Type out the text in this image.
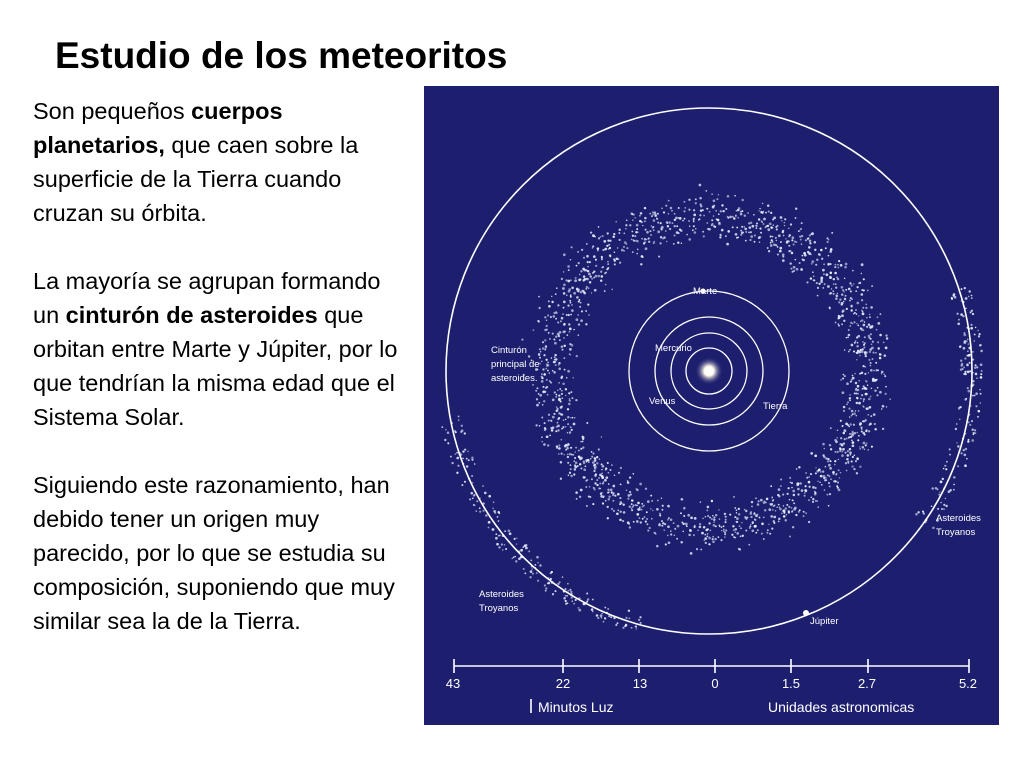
Estudio de los meteoritos

Son pequeños cuerpos planetarios, que caen sobre la superficie de la Tierra cuando cruzan su órbita.

La mayoría se agrupan formando un cinturón de asteroides que orbitan entre Marte y Júpiter, por lo que tendrían la misma edad que el Sistema Solar.

Siguiendo este razonamiento, han debido tener un origen muy parecido, por lo que se estudia su composición, suponiendo que muy similar sea la de la Tierra.

Marte
Mercurio
Venus	Tierra
Cinturón principal de asteroides.
Asteroides Troyanos
Asteroides Troyanos
Júpiter
43	22	13	0	1.5	2.7	5.2
Minutos Luz	Unidades astronomicas
